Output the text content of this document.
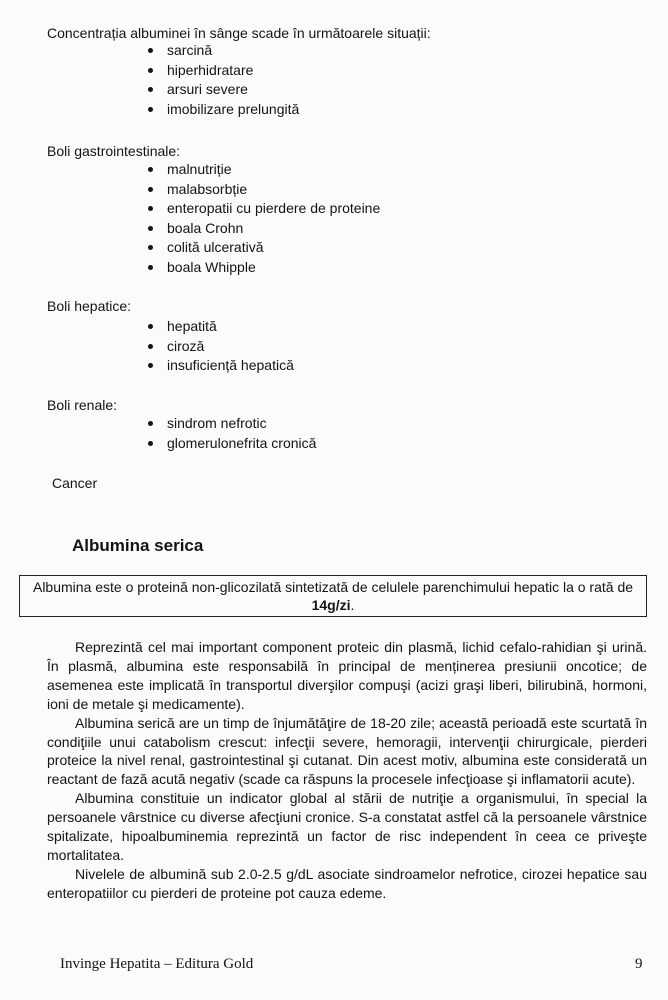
Concentrația albuminei în sânge scade în următoarele situații:
sarcină
hiperhidratare
arsuri severe
imobilizare prelungită
Boli gastrointestinale:
malnutriție
malabsorbție
enteropatii cu pierdere de proteine
boala Crohn
colită ulcerativă
boala Whipple
Boli hepatice:
hepatită
ciroză
insuficiență hepatică
Boli renale:
sindrom nefrotic
glomerulonefrita cronică
Cancer
Albumina serica
Albumina este o proteină non-glicozilată sintetizată de celulele parenchimului hepatic la o rată de 14g/zi.

Reprezintă cel mai important component proteic din plasmă, lichid cefalo-rahidian şi urină. În plasmă, albumina este responsabilă în principal de menținerea presiunii oncotice; de asemenea este implicată în transportul diverşilor compuşi (acizi graşi liberi, bilirubină, hormoni, ioni de metale şi medicamente).

Albumina serică are un timp de înjumătăţire de 18-20 zile; această perioadă este scurtată în condiţiile unui catabolism crescut: infecţii severe, hemoragii, intervenţii chirurgicale, pierderi proteice la nivel renal, gastrointestinal şi cutanat. Din acest motiv, albumina este considerată un reactant de fază acută negativ (scade ca răspuns la procesele infecţioase şi inflamatorii acute).

Albumina constituie un indicator global al stării de nutriţie a organismului, în special la persoanele vârstnice cu diverse afecţiuni cronice. S-a constatat astfel că la persoanele vârstnice spitalizate, hipoalbuminemia reprezintă un factor de risc independent în ceea ce priveşte mortalitatea.

Nivelele de albumină sub 2.0-2.5 g/dL asociate sindroamelor nefrotice, cirozei hepatice sau enteropatiilor cu pierderi de proteine pot cauza edeme.

Invinge Hepatita – Editura Gold	9
